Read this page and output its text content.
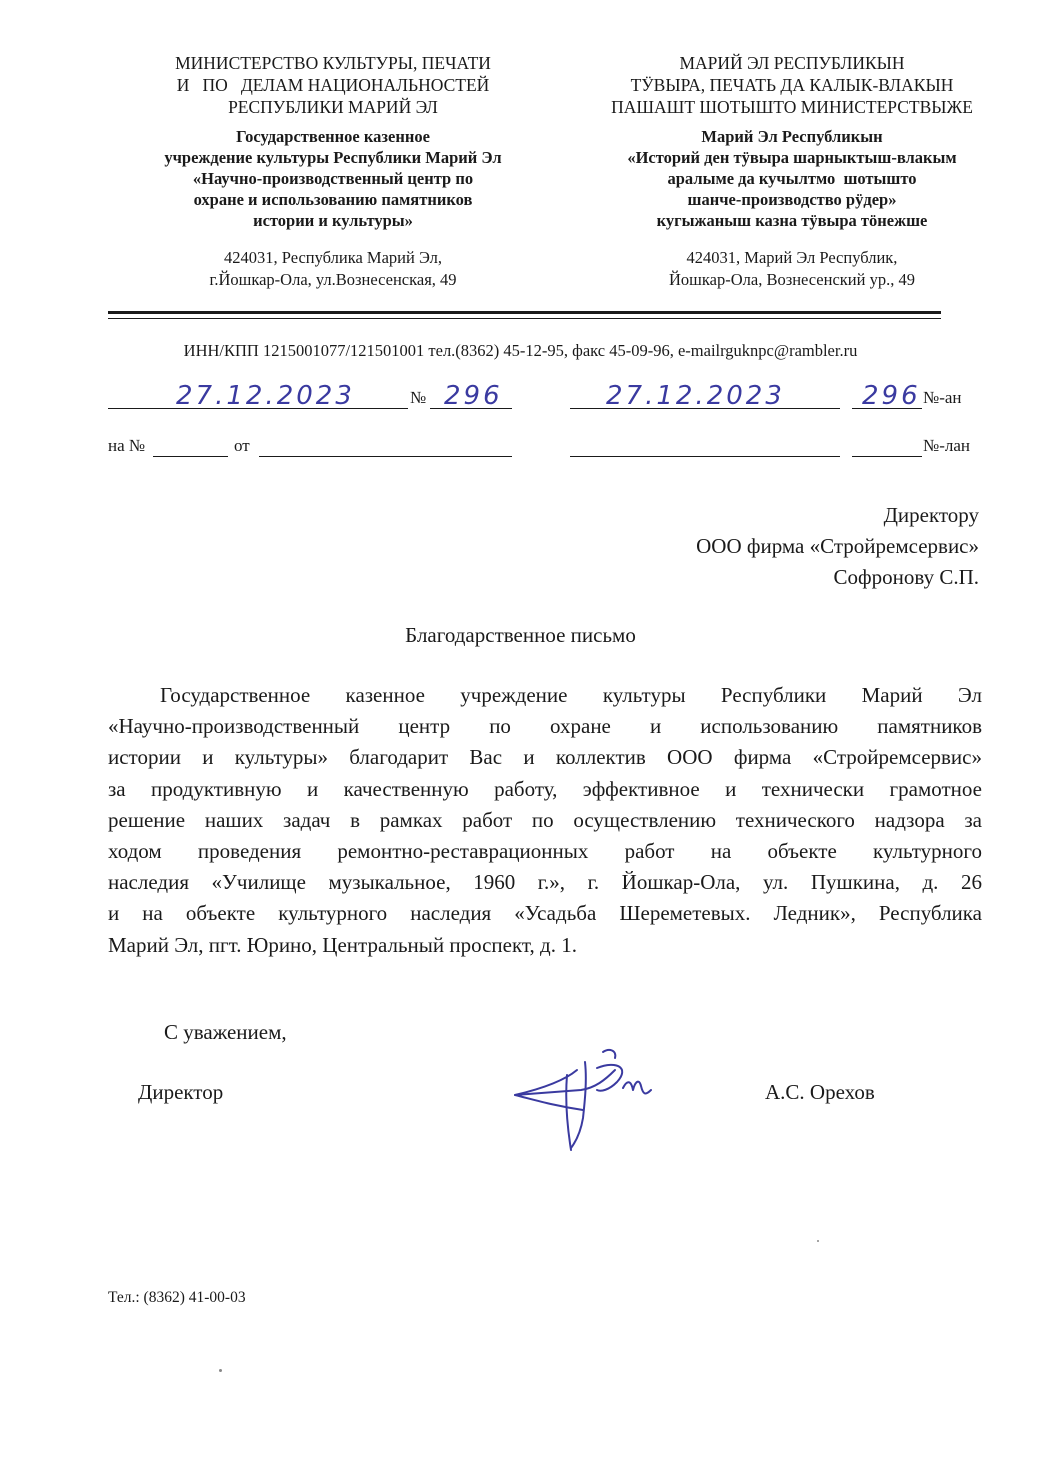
МИНИСТЕРСТВО КУЛЬТУРЫ, ПЕЧАТИ
И   ПО   ДЕЛАМ НАЦИОНАЛЬНОСТЕЙ
РЕСПУБЛИКИ МАРИЙ ЭЛ
Государственное казенное
учреждение культуры Республики Марий Эл
«Научно-производственный центр по
охране и использованию памятников
истории и культуры»
424031, Республика Марий Эл,
г.Йошкар-Ола, ул.Вознесенская, 49
МАРИЙ ЭЛ РЕСПУБЛИКЫН
ТӰВЫРА, ПЕЧАТЬ ДА КАЛЫК-ВЛАКЫН
ПАШАШТ ШОТЫШТО МИНИСТЕРСТВЫЖЕ
Марий Эл Республикын
«Историй ден тӱвыра шарныктыш-влакым
аралыме да кучылтмо  шотышто
шанче-производство рӱдер»
кугыжаныш казна тӱвыра тӧнежше
424031, Марий Эл Республик,
Йошкар-Ола, Вознесенский ур., 49
ИНН/КПП 1215001077/121501001 тел.(8362) 45-12-95, факс 45-09-96, e-mailrguknpc@rambler.ru
27.12.2023	№ 296	27.12.2023	296 №-ан
на №	от	№-лан
Директору
ООО фирма «Стройремсервис»
Софронову С.П.
Благодарственное письмо
Государственное  казенное  учреждение  культуры  Республики  Марий  Эл
«Научно-производственный  центр  по  охране  и  использованию  памятников
истории и культуры» благодарит Вас и коллектив ООО фирма «Стройремсервис»
за продуктивную и качественную работу, эффективное и технически грамотное
решение наших задач в рамках работ по осуществлению технического надзора за
ходом  проведения  ремонтно-реставрационных  работ  на  объекте  культурного
наследия «Училище музыкальное, 1960 г.», г. Йошкар-Ола, ул. Пушкина, д. 26
и на объекте культурного наследия «Усадьба Шереметевых. Ледник», Республика
Марий Эл, пгт. Юрино, Центральный проспект, д. 1.
С уважением,
Директор	А.С. Орехов
Тел.: (8362) 41-00-03
